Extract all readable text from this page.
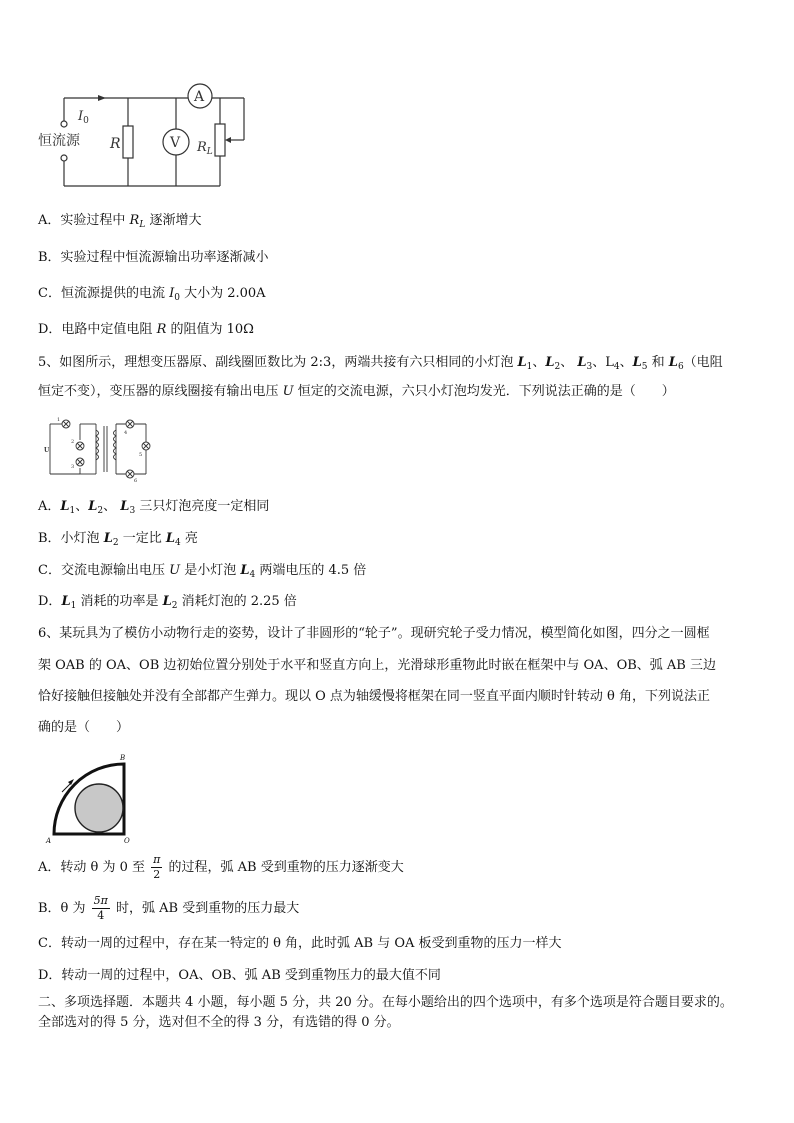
$I_0$
恒流源 R	V
A
$R_L$
A．实验过程中 $R_L$ 逐渐增大
B．实验过程中恒流源输出功率逐渐减小
C．恒流源提供的电流 $I_0$ 大小为 2.00A
D．电路中定值电阻 R 的阻值为 10Ω
5、如图所示，理想变压器原、副线圈匝数比为 2:3，两端共接有六只相同的小灯泡 $L_1$、$L_2$、 $L_3$、$L_4$、$L_5$ 和 $L_6$（电阻
恒定不变），变压器的原线圈接有输出电压 U 恒定的交流电源，六只小灯泡均发光．下列说法正确的是（　　）
1
2
3
4
5
6
U
A．$L_1$、$L_2$、 $L_3$ 三只灯泡亮度一定相同
B．小灯泡 $L_2$ 一定比 $L_4$ 亮
C．交流电源输出电压 U 是小灯泡 $L_4$ 两端电压的 4.5 倍
D．$L_1$ 消耗的功率是 $L_2$ 消耗灯泡的 2.25 倍
6、某玩具为了模仿小动物行走的姿势，设计了非圆形的“轮子”。现研究轮子受力情况，模型简化如图，四分之一圆框
架 OAB 的 OA、OB 边初始位置分别处于水平和竖直方向上，光滑球形重物此时嵌在框架中与 OA、OB、弧 AB 三边
恰好接触但接触处并没有全部都产生弹力。现以 O 点为轴缓慢将框架在同一竖直平面内顺时针转动 θ 角，下列说法正
确的是（　　）
B
A	O
A．转动 θ 为 0 至 $\frac{\pi}{2}$ 的过程，弧 AB 受到重物的压力逐渐变大
B．θ 为 $\frac{5\pi}{4}$ 时，弧 AB 受到重物的压力最大
C．转动一周的过程中，存在某一特定的 θ 角，此时弧 AB 与 OA 板受到重物的压力一样大
D．转动一周的过程中，OA、OB、弧 AB 受到重物压力的最大值不同
二、多项选择题．本题共 4 小题，每小题 5 分，共 20 分。在每小题给出的四个选项中，有多个选项是符合题目要求的。
全部选对的得 5 分，选对但不全的得 3 分，有选错的得 0 分。
